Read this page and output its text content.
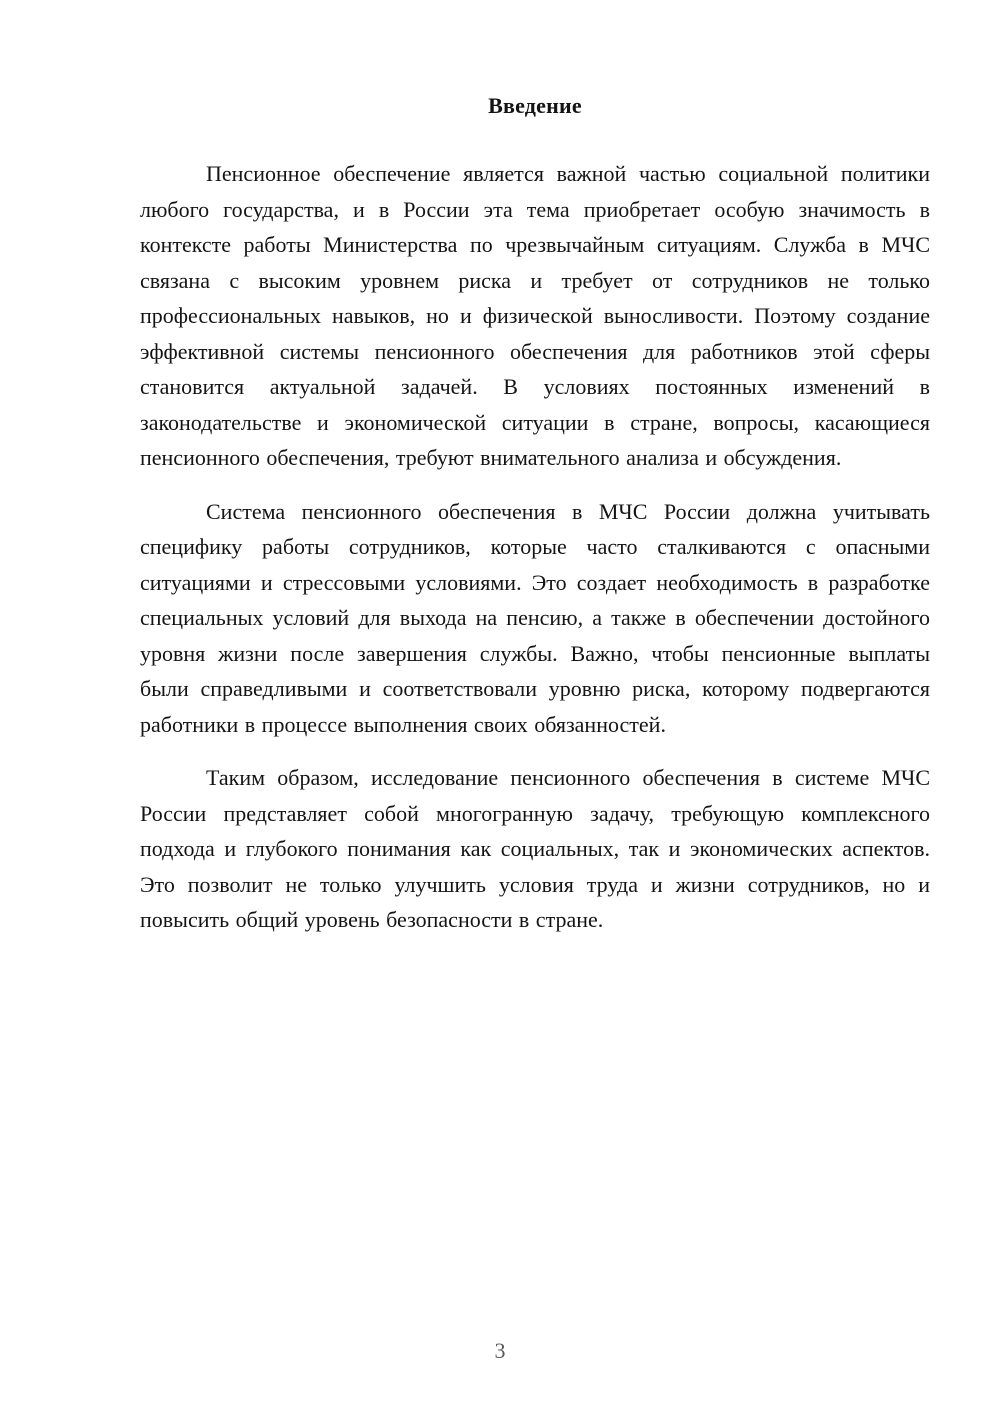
Введение

Пенсионное обеспечение является важной частью социальной политики любого государства, и в России эта тема приобретает особую значимость в контексте работы Министерства по чрезвычайным ситуациям. Служба в МЧС связана с высоким уровнем риска и требует от сотрудников не только профессиональных навыков, но и физической выносливости. Поэтому создание эффективной системы пенсионного обеспечения для работников этой сферы становится актуальной задачей. В условиях постоянных изменений в законодательстве и экономической ситуации в стране, вопросы, касающиеся пенсионного обеспечения, требуют внимательного анализа и обсуждения.

Система пенсионного обеспечения в МЧС России должна учитывать специфику работы сотрудников, которые часто сталкиваются с опасными ситуациями и стрессовыми условиями. Это создает необходимость в разработке специальных условий для выхода на пенсию, а также в обеспечении достойного уровня жизни после завершения службы. Важно, чтобы пенсионные выплаты были справедливыми и соответствовали уровню риска, которому подвергаются работники в процессе выполнения своих обязанностей.

Таким образом, исследование пенсионного обеспечения в системе МЧС России представляет собой многогранную задачу, требующую комплексного подхода и глубокого понимания как социальных, так и экономических аспектов. Это позволит не только улучшить условия труда и жизни сотрудников, но и повысить общий уровень безопасности в стране.

3
